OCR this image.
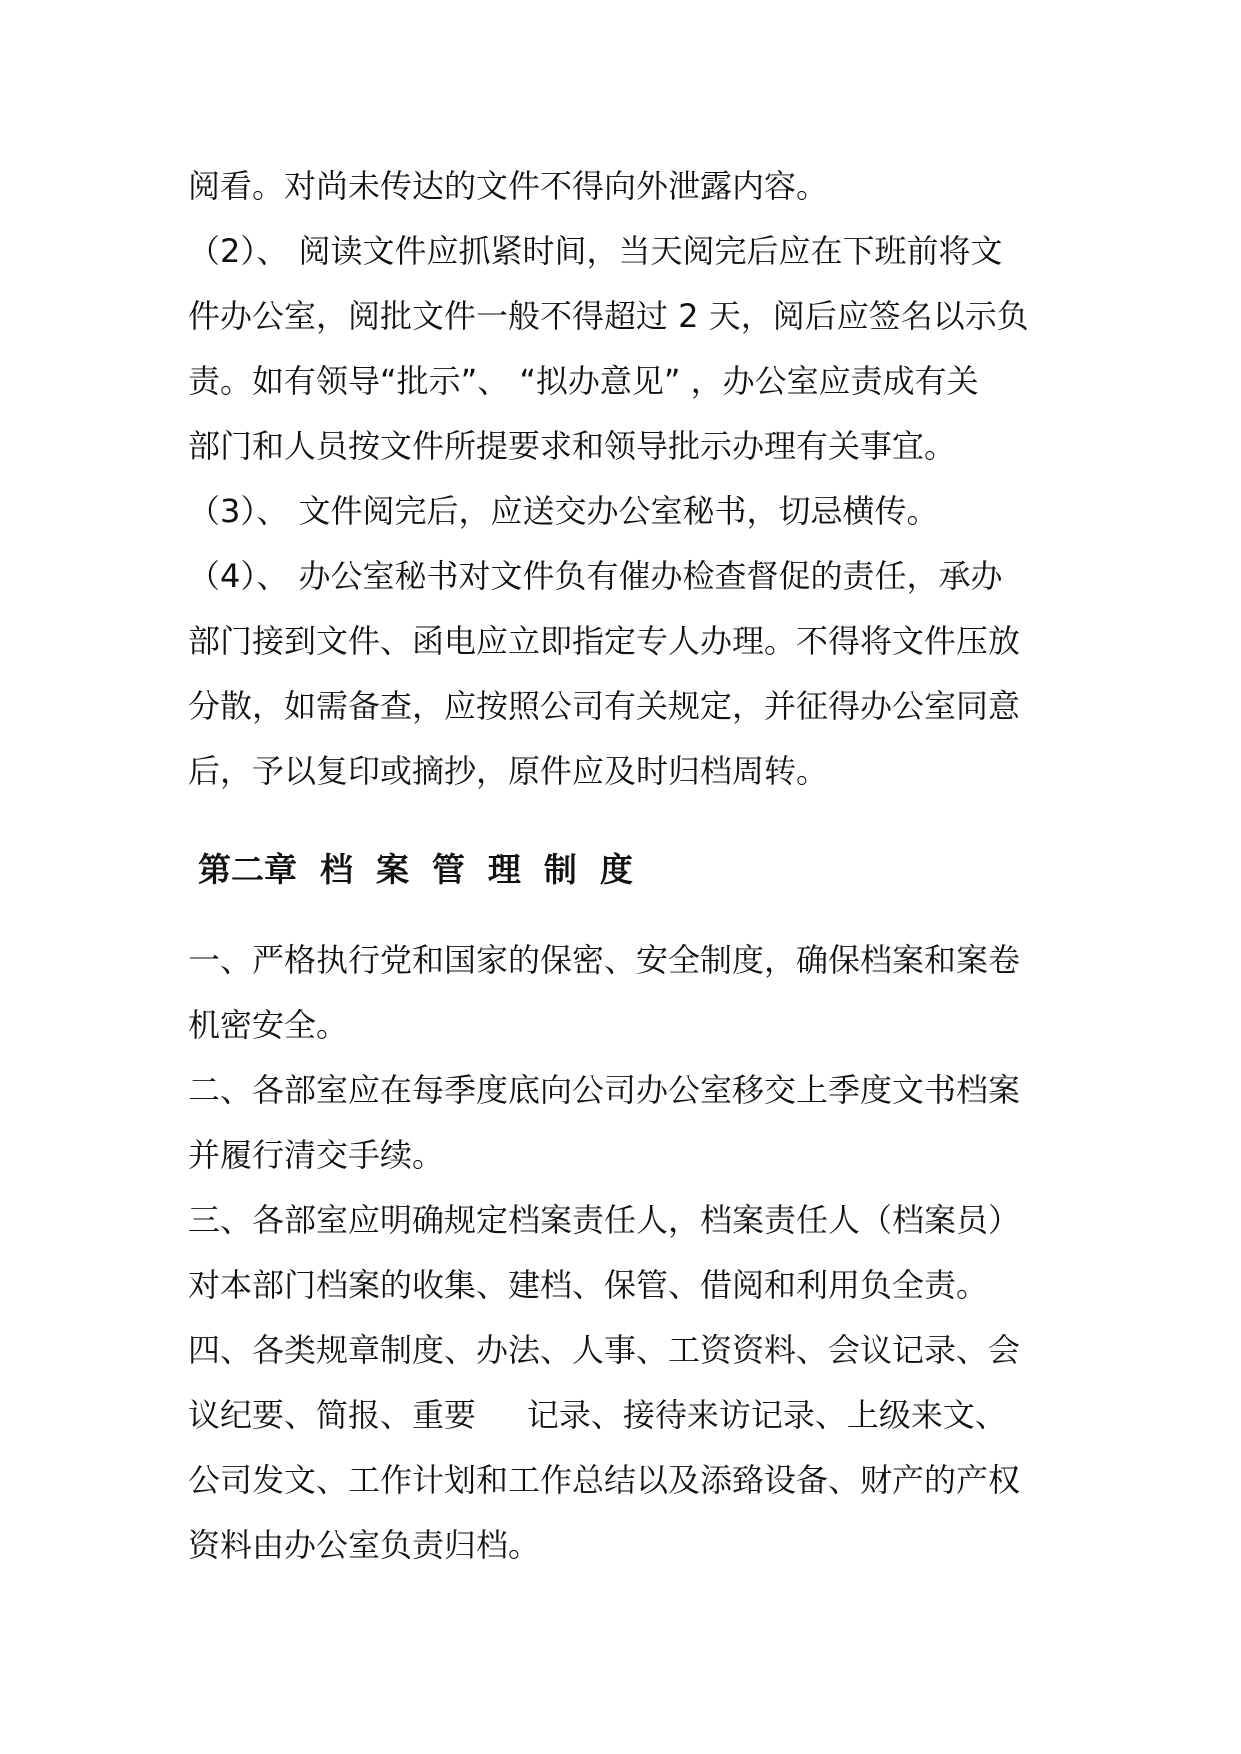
阅看。对尚未传达的文件不得向外泄露内容。

（2）、 阅读文件应抓紧时间，当天阅完后应在下班前将文

件办公室，阅批文件一般不得超过 2 天，阅后应签名以示负

责。如有领导“批示”、 “拟办意见” ，办公室应责成有关

部门和人员按文件所提要求和领导批示办理有关事宜。

（3）、 文件阅完后，应送交办公室秘书，切忌横传。

（4）、 办公室秘书对文件负有催办检查督促的责任，承办

部门接到文件、函电应立即指定专人办理。不得将文件压放

分散，如需备查，应按照公司有关规定，并征得办公室同意

后，予以复印或摘抄，原件应及时归档周转。

第二章  档  案  管  理  制  度

一、严格执行党和国家的保密、安全制度，确保档案和案卷

机密安全。

二、各部室应在每季度底向公司办公室移交上季度文书档案

并履行清交手续。

三、各部室应明确规定档案责任人，档案责任人（档案员）

对本部门档案的收集、建档、保管、借阅和利用负全责。

四、各类规章制度、办法、人事、工资资料、会议记录、会

议纪要、简报、重要     记录、接待来访记录、上级来文、

公司发文、工作计划和工作总结以及添臵设备、财产的产权

资料由办公室负责归档。
